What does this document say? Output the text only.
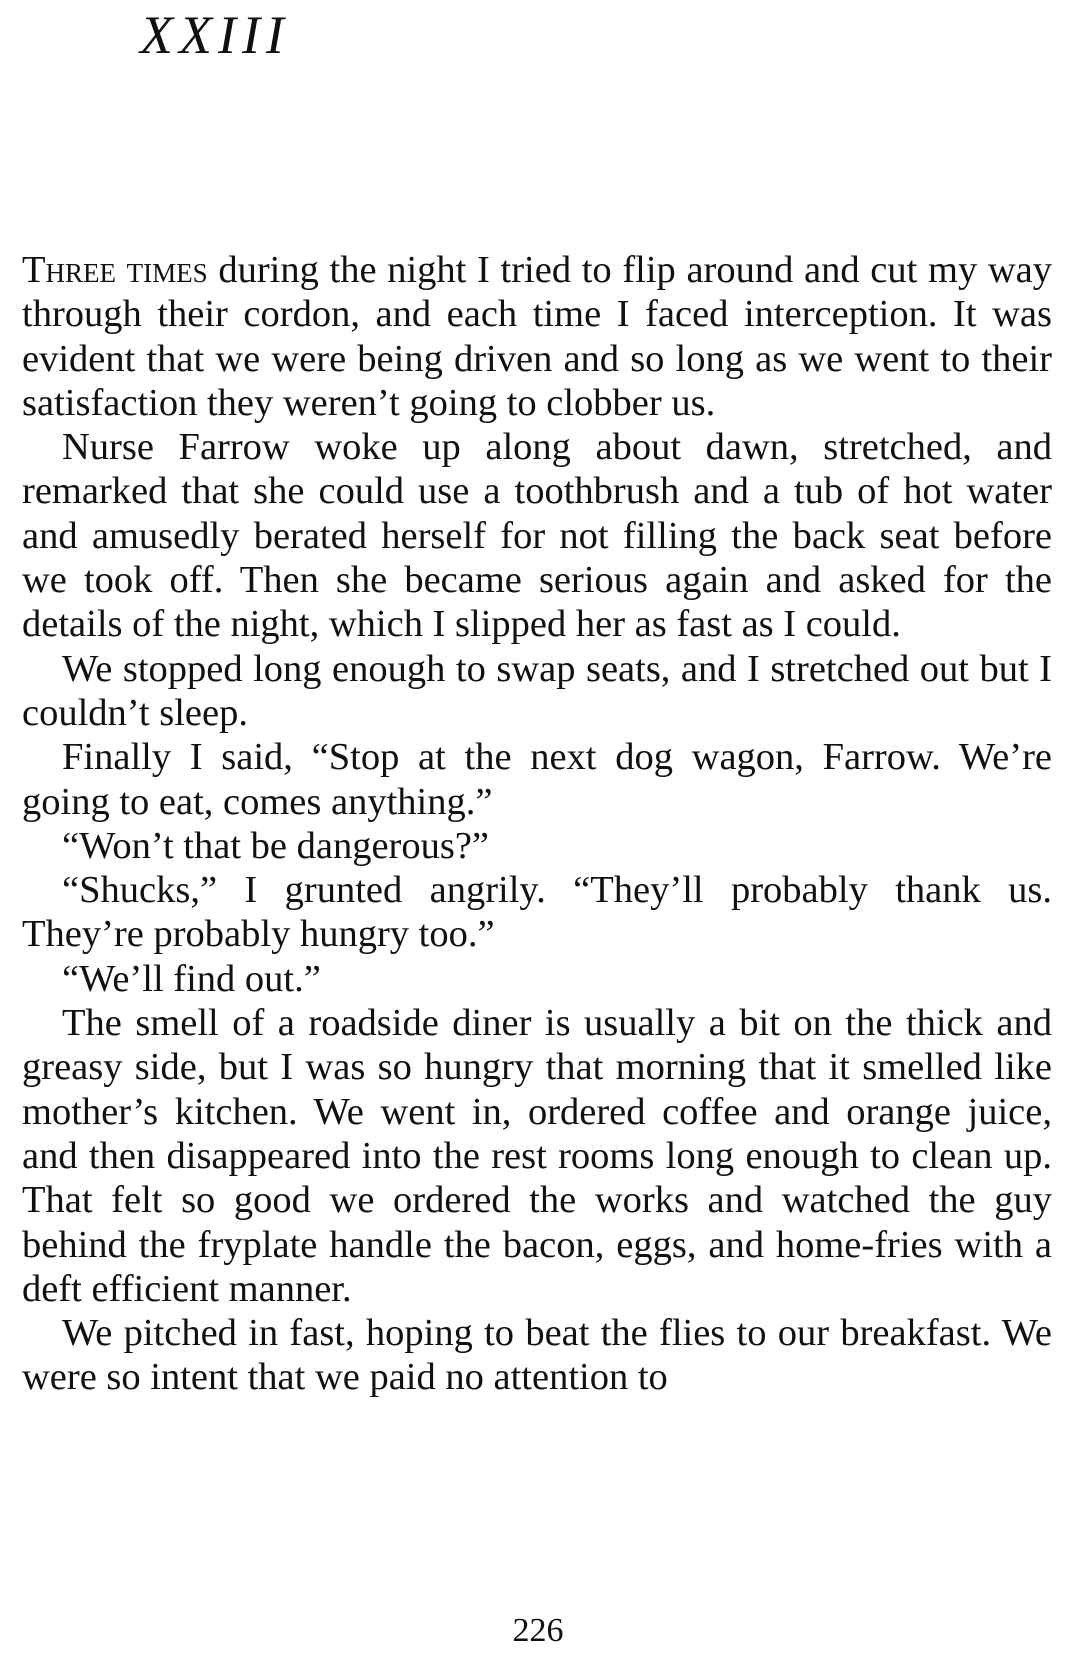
XXIII

Three times during the night I tried to flip around and cut my way through their cordon, and each time I faced interception. It was evident that we were being driven and so long as we went to their satisfaction they weren’t going to clobber us.

Nurse Farrow woke up along about dawn, stretched, and remarked that she could use a toothbrush and a tub of hot water and amusedly berated herself for not filling the back seat before we took off. Then she became serious again and asked for the details of the night, which I slipped her as fast as I could.

We stopped long enough to swap seats, and I stretched out but I couldn’t sleep.

Finally I said, “Stop at the next dog wagon, Farrow. We’re going to eat, comes anything.”

“Won’t that be dangerous?”

“Shucks,” I grunted angrily. “They’ll probably thank us. They’re probably hungry too.”

“We’ll find out.”

The smell of a roadside diner is usually a bit on the thick and greasy side, but I was so hungry that morning that it smelled like mother’s kitchen. We went in, ordered coffee and orange juice, and then disappeared into the rest rooms long enough to clean up. That felt so good we ordered the works and watched the guy behind the fryplate handle the bacon, eggs, and home-fries with a deft efficient manner.

We pitched in fast, hoping to beat the flies to our breakfast. We were so intent that we paid no attention to

226
